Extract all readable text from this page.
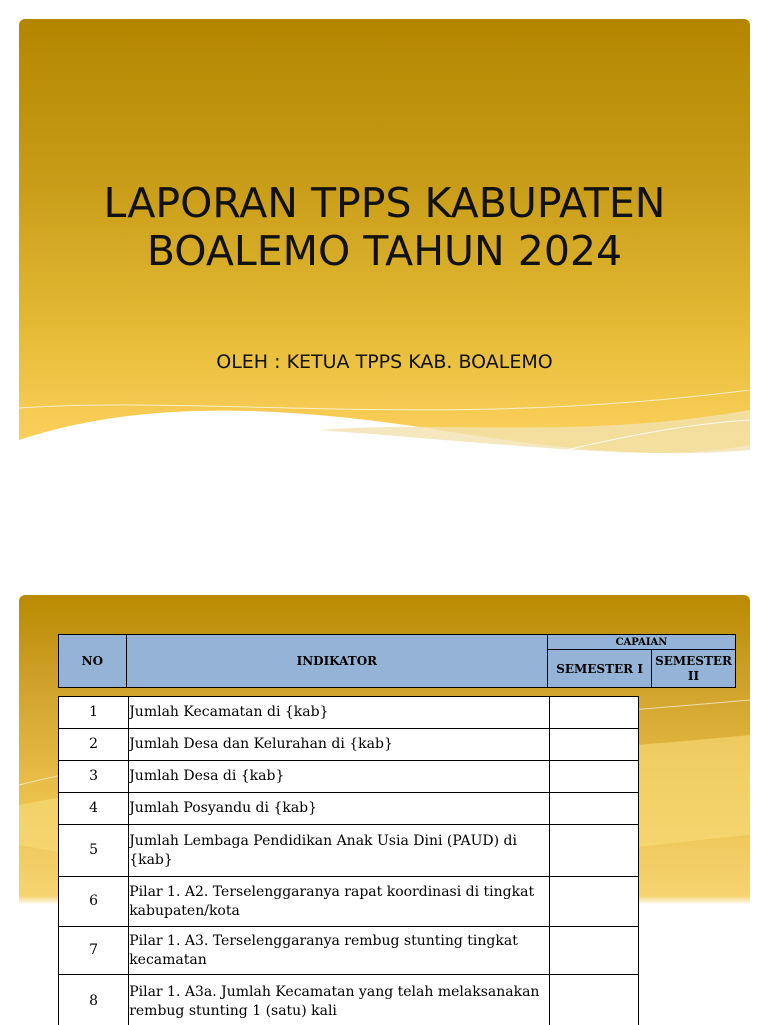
LAPORAN TPPS KABUPATEN
BOALEMO TAHUN 2024
OLEH : KETUA TPPS KAB. BOALEMO
NO	INDIKATOR	CAPAIAN	
		SEMESTER I	SEMESTER II
1	Jumlah Kecamatan di {kab}	
2	Jumlah Desa dan Kelurahan di {kab}	
3	Jumlah Desa di {kab}	
4	Jumlah Posyandu di {kab}	
5	Jumlah Lembaga Pendidikan Anak Usia Dini (PAUD) di {kab}	
6	Pilar 1. A2. Terselenggaranya rapat koordinasi di tingkat kabupaten/kota	
7	Pilar 1. A3. Terselenggaranya rembug stunting tingkat kecamatan	
8	Pilar 1. A3a. Jumlah Kecamatan yang telah melaksanakan rembug stunting 1 (satu) kali	
